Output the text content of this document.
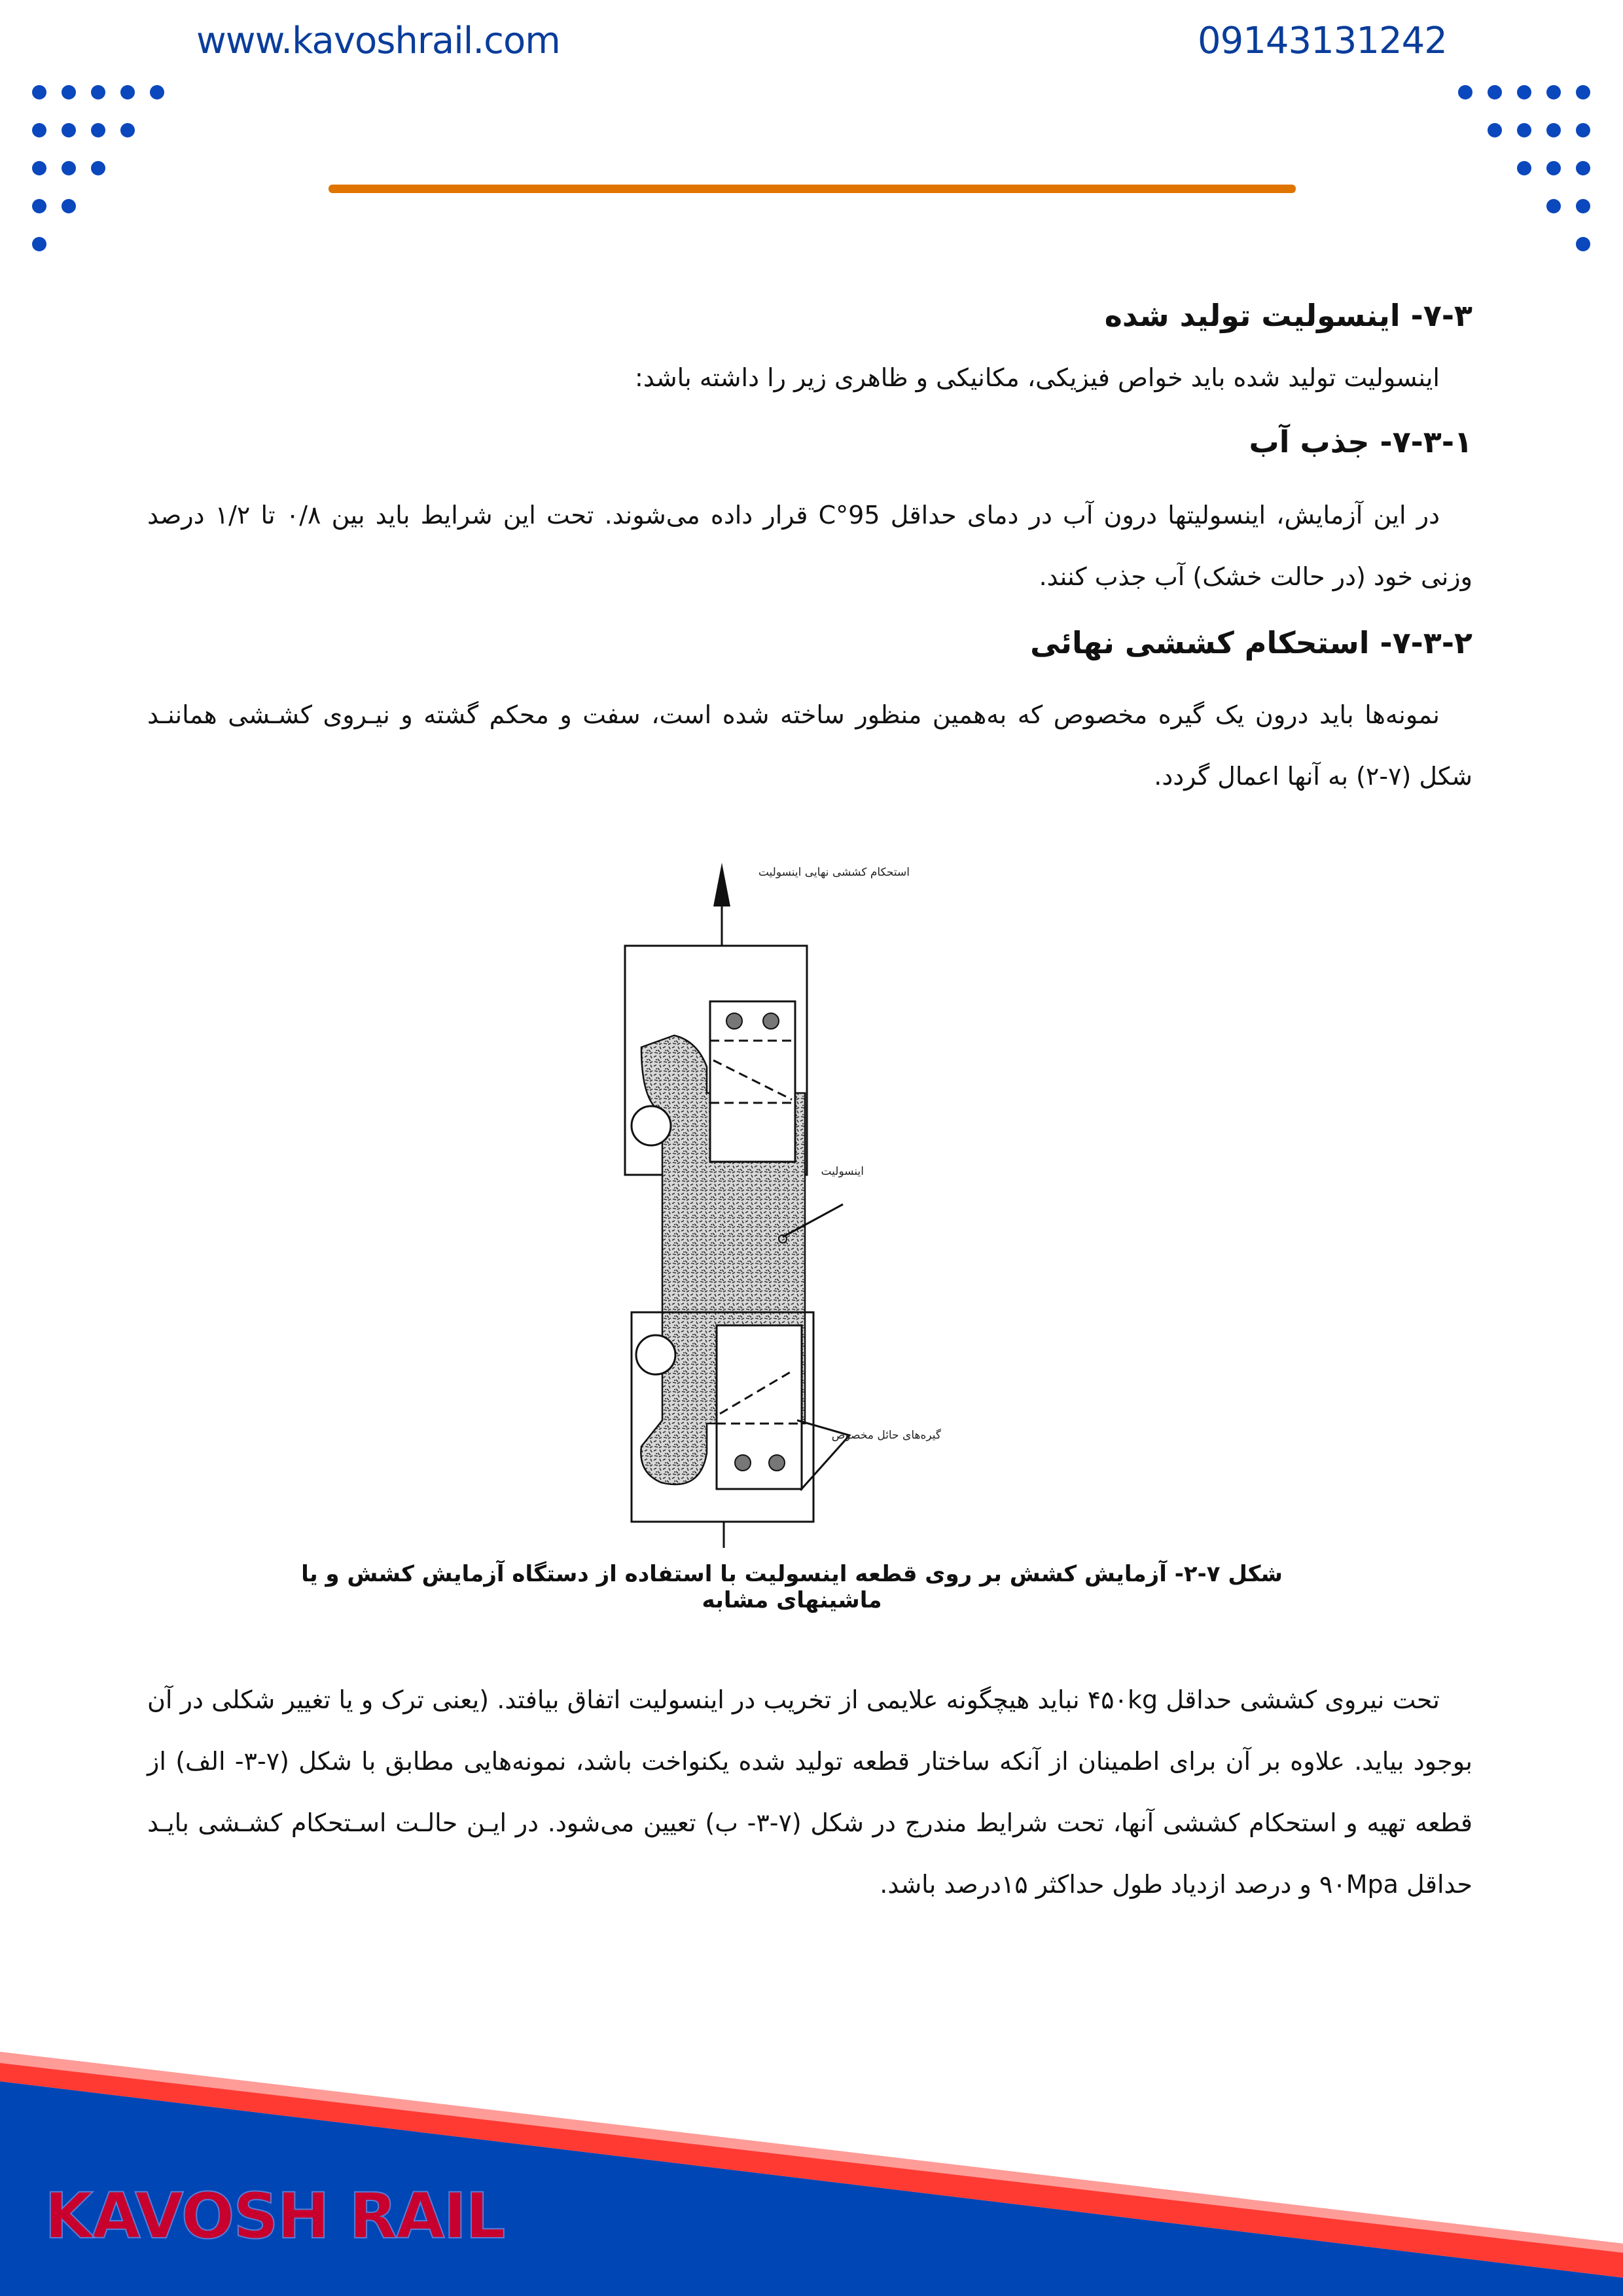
www.kavoshrail.com	09143131242
۷-۳- اینسولیت تولید شده
اینسولیت تولید شده باید خواص فیزیکی، مکانیکی و ظاهری زیر را داشته باشد:
۷-۳-۱- جذب آب
در این آزمایش، اینسولیتها درون آب در دمای حداقل 95°C قرار داده می‌شوند. تحت این شرایط باید بین ۰/۸ تا ۱/۲ درصد وزنی خود (در حالت خشک) آب جذب کنند.
۷-۳-۲- استحکام کششی نهائی
نمونه‌ها باید درون یک گیره مخصوص که به‌همین منظور ساخته شده است، سفت و محکم گشته و نیـروی کشـشی هماننـد شکل (۷-۲) به آنها اعمال گردد.
استحکام کششی نهایی اینسولیت
اینسولیت
گیره‌های حائل مخصوص
شکل ۷-۲- آزمایش کشش بر روی قطعه اینسولیت با استفاده از دستگاه آزمایش کشش و یا ماشینهای مشابه
تحت نیروی کششی حداقل ۴۵۰kg نباید هیچگونه علایمی از تخریب در اینسولیت اتفاق بیافتد. (یعنی ترک و یا تغییر شکلی در آن بوجود بیاید. علاوه بر آن برای اطمینان از آنکه ساختار قطعه تولید شده یکنواخت باشد، نمونه‌هایی مطابق با شکل (۷-۳- الف) از قطعه تهیه و استحکام کششی آنها، تحت شرایط مندرج در شکل (۷-۳- ب) تعیین می‌شود. در ایـن حالـت اسـتحکام کشـشی بایـد حداقل ۹۰Mpa و درصد ازدیاد طول حداکثر ۱۵درصد باشد.
KAVOSH RAIL
